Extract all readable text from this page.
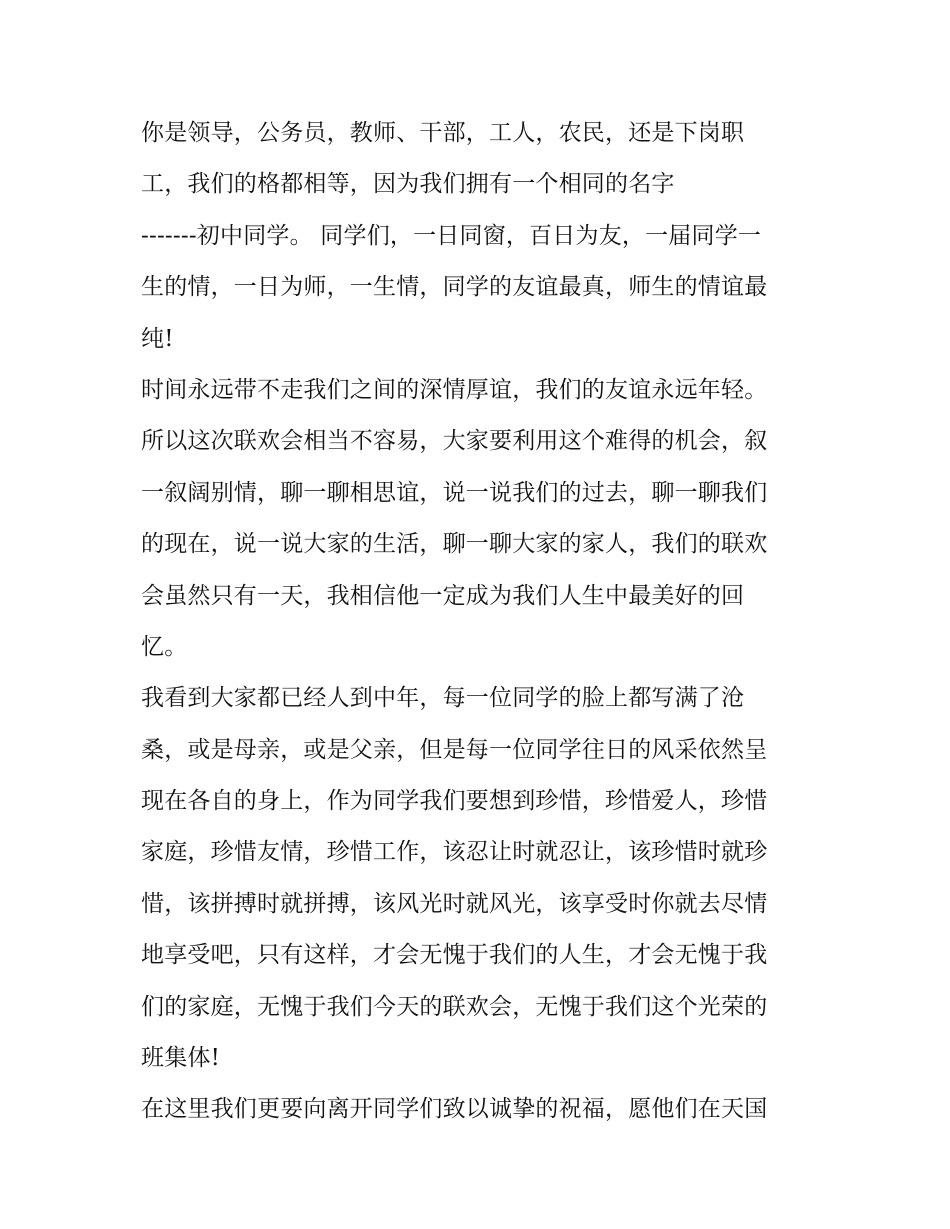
你是领导，公务员，教师、干部，工人，农民，还是下岗职
工，我们的格都相等，因为我们拥有一个相同的名字
-------初中同学。 同学们，一日同窗，百日为友，一届同学一
生的情，一日为师，一生情，同学的友谊最真，师生的情谊最
纯!
时间永远带不走我们之间的深情厚谊，我们的友谊永远年轻。
所以这次联欢会相当不容易，大家要利用这个难得的机会，叙
一叙阔别情，聊一聊相思谊，说一说我们的过去，聊一聊我们
的现在，说一说大家的生活，聊一聊大家的家人，我们的联欢
会虽然只有一天，我相信他一定成为我们人生中最美好的回
忆。
我看到大家都已经人到中年，每一位同学的脸上都写满了沧
桑，或是母亲，或是父亲，但是每一位同学往日的风采依然呈
现在各自的身上，作为同学我们要想到珍惜，珍惜爱人，珍惜
家庭，珍惜友情，珍惜工作，该忍让时就忍让，该珍惜时就珍
惜，该拼搏时就拼搏，该风光时就风光，该享受时你就去尽情
地享受吧，只有这样，才会无愧于我们的人生，才会无愧于我
们的家庭，无愧于我们今天的联欢会，无愧于我们这个光荣的
班集体!
在这里我们更要向离开同学们致以诚挚的祝福，愿他们在天国
